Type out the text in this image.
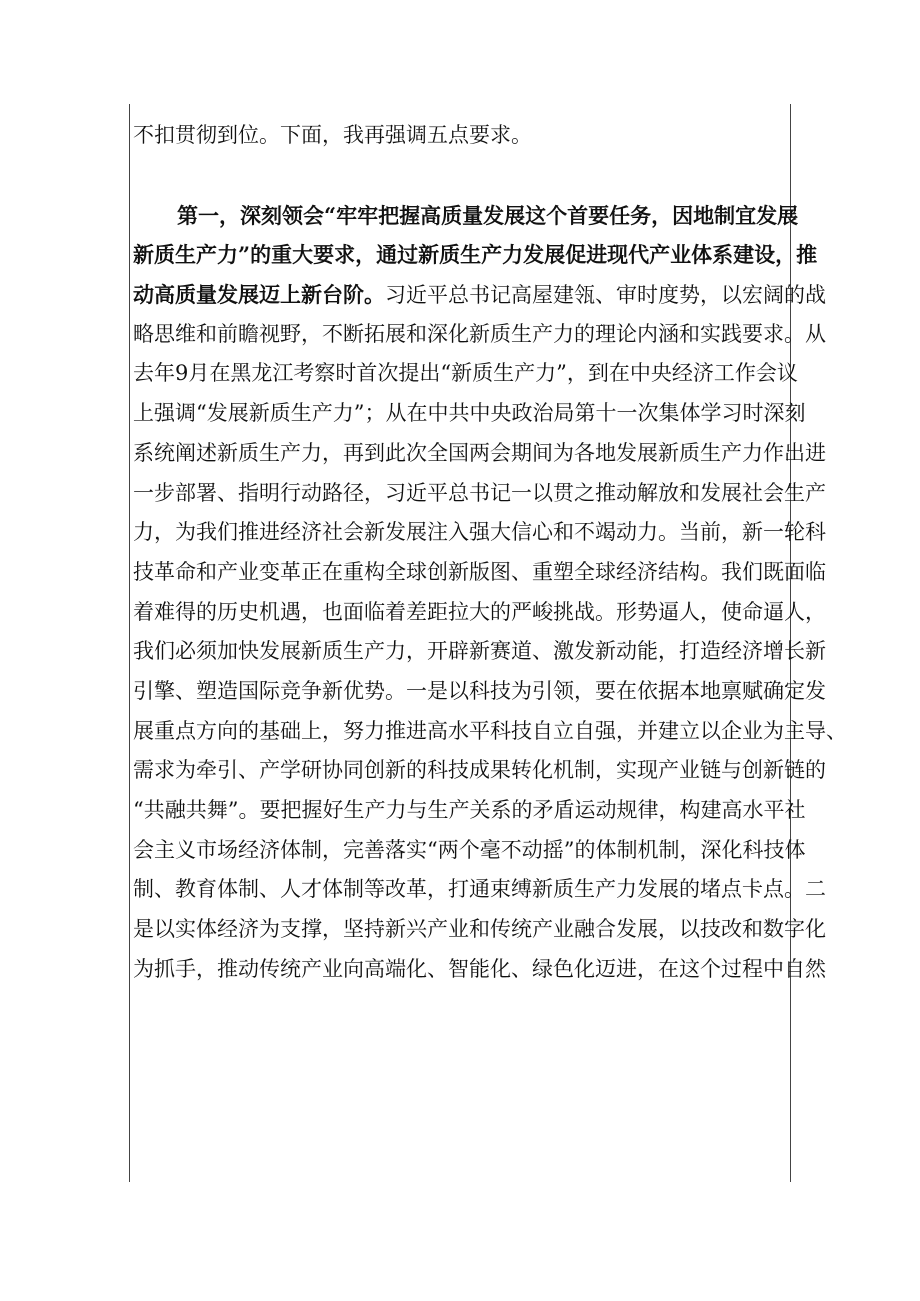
不扣贯彻到位。下面，我再强调五点要求。
第一，深刻领会“牢牢把握高质量发展这个首要任务，因地制宜发展
新质生产力”的重大要求，通过新质生产力发展促进现代产业体系建设，推
动高质量发展迈上新台阶。习近平总书记高屋建瓴、审时度势，以宏阔的战
略思维和前瞻视野，不断拓展和深化新质生产力的理论内涵和实践要求。从
去年9月在黑龙江考察时首次提出“新质生产力”，到在中央经济工作会议
上强调“发展新质生产力”；从在中共中央政治局第十一次集体学习时深刻
系统阐述新质生产力，再到此次全国两会期间为各地发展新质生产力作出进
一步部署、指明行动路径，习近平总书记一以贯之推动解放和发展社会生产
力，为我们推进经济社会新发展注入强大信心和不竭动力。当前，新一轮科
技革命和产业变革正在重构全球创新版图、重塑全球经济结构。我们既面临
着难得的历史机遇，也面临着差距拉大的严峻挑战。形势逼人，使命逼人，
我们必须加快发展新质生产力，开辟新赛道、激发新动能，打造经济增长新
引擎、塑造国际竞争新优势。一是以科技为引领，要在依据本地禀赋确定发
展重点方向的基础上，努力推进高水平科技自立自强，并建立以企业为主导、
需求为牵引、产学研协同创新的科技成果转化机制，实现产业链与创新链的
“共融共舞”。要把握好生产力与生产关系的矛盾运动规律，构建高水平社
会主义市场经济体制，完善落实“两个毫不动摇”的体制机制，深化科技体
制、教育体制、人才体制等改革，打通束缚新质生产力发展的堵点卡点。二
是以实体经济为支撑，坚持新兴产业和传统产业融合发展，以技改和数字化
为抓手，推动传统产业向高端化、智能化、绿色化迈进，在这个过程中自然
